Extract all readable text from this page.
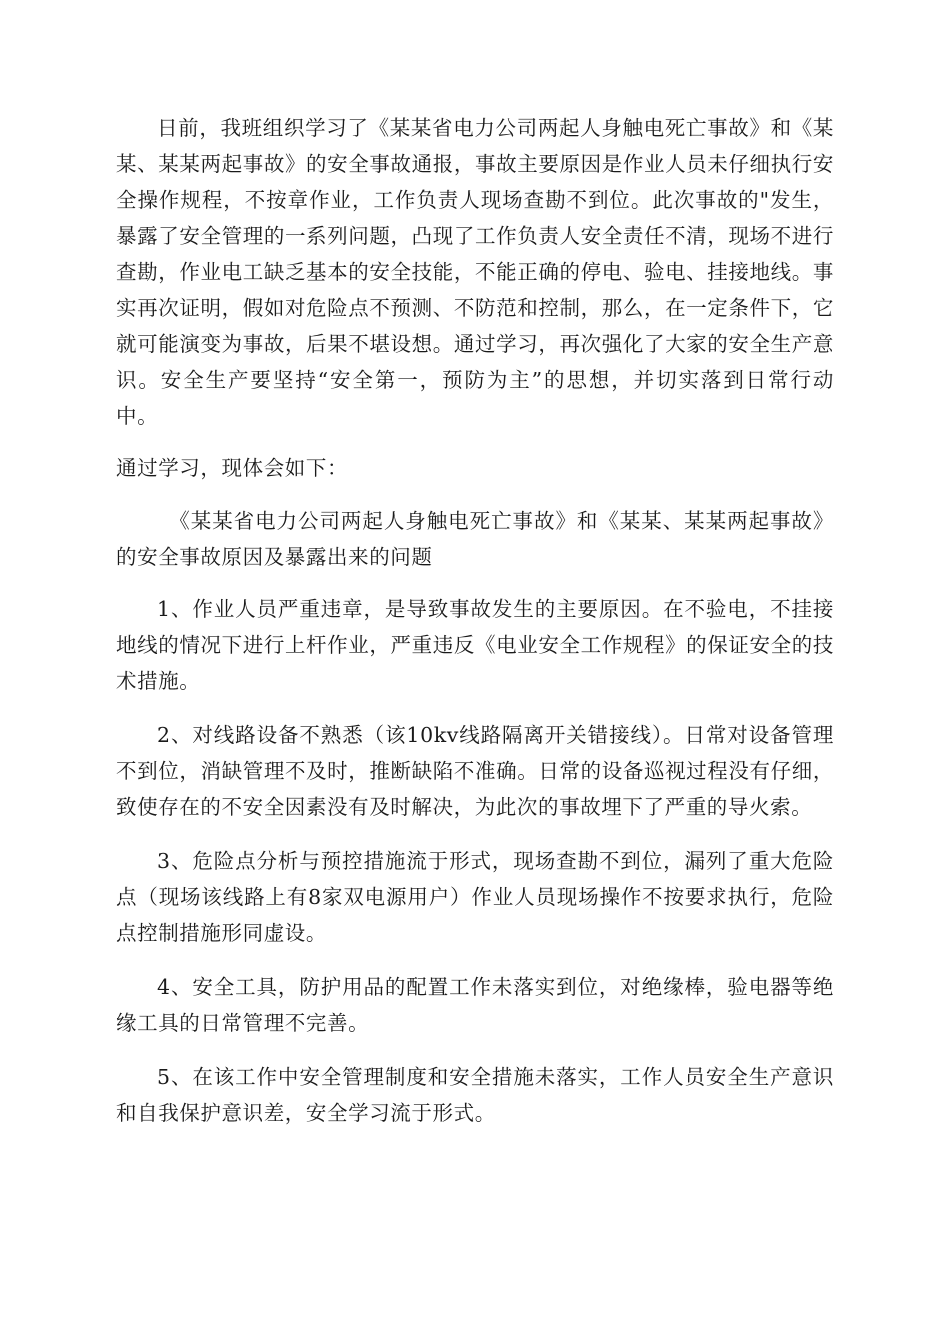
日前，我班组织学习了《某某省电力公司两起人身触电死亡事故》和《某某、某某两起事故》的安全事故通报，事故主要原因是作业人员未仔细执行安全操作规程，不按章作业，工作负责人现场查勘不到位。此次事故的"发生，暴露了安全管理的一系列问题，凸现了工作负责人安全责任不清，现场不进行查勘，作业电工缺乏基本的安全技能，不能正确的停电、验电、挂接地线。事实再次证明，假如对危险点不预测、不防范和控制，那么，在一定条件下，它就可能演变为事故，后果不堪设想。通过学习，再次强化了大家的安全生产意识。安全生产要坚持“安全第一，预防为主”的思想，并切实落到日常行动中。

通过学习，现体会如下：

《某某省电力公司两起人身触电死亡事故》和《某某、某某两起事故》的安全事故原因及暴露出来的问题

1、作业人员严重违章，是导致事故发生的主要原因。在不验电，不挂接地线的情况下进行上杆作业，严重违反《电业安全工作规程》的保证安全的技术措施。

2、对线路设备不熟悉（该10kv线路隔离开关错接线）。日常对设备管理不到位，消缺管理不及时，推断缺陷不准确。日常的设备巡视过程没有仔细，致使存在的不安全因素没有及时解决，为此次的事故埋下了严重的导火索。

3、危险点分析与预控措施流于形式，现场查勘不到位，漏列了重大危险点（现场该线路上有8家双电源用户）作业人员现场操作不按要求执行，危险点控制措施形同虚设。

4、安全工具，防护用品的配置工作未落实到位，对绝缘棒，验电器等绝缘工具的日常管理不完善。

5、在该工作中安全管理制度和安全措施未落实，工作人员安全生产意识和自我保护意识差，安全学习流于形式。
